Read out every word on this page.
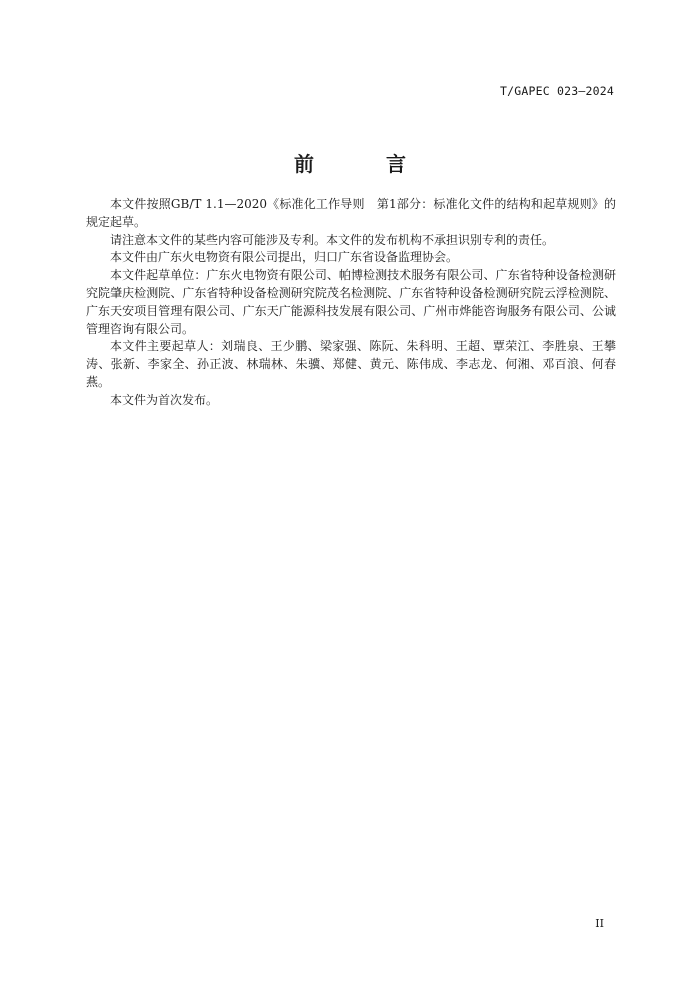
T/GAPEC 023—2024
前　言

本文件按照GB/T 1.1—2020《标准化工作导则　第1部分：标准化文件的结构和起草规则》的规定起草。

请注意本文件的某些内容可能涉及专利。本文件的发布机构不承担识别专利的责任。

本文件由广东火电物资有限公司提出，归口广东省设备监理协会。

本文件起草单位：广东火电物资有限公司、帕博检测技术服务有限公司、广东省特种设备检测研究院肇庆检测院、广东省特种设备检测研究院茂名检测院、广东省特种设备检测研究院云浮检测院、广东天安项目管理有限公司、广东天广能源科技发展有限公司、广州市烨能咨询服务有限公司、公诚管理咨询有限公司。

本文件主要起草人：刘瑞良、王少鹏、梁家强、陈阮、朱科明、王超、覃荣江、李胜泉、王攀涛、张新、李家全、孙正波、林瑞林、朱骥、郑健、黄元、陈伟成、李志龙、何湘、邓百浪、何春燕。

本文件为首次发布。

II
